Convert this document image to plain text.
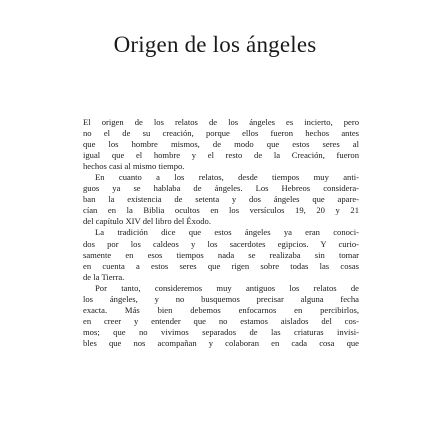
Origen de los ángeles
El origen de los relatos de los ángeles es incierto, pero
no el de su creación, porque ellos fueron hechos antes
que los hombre mismos, de modo que estos seres al
igual que el hombre y el resto de la Creación, fueron
hechos casi al mismo tiempo.
En cuanto a los relatos, desde tiempos muy anti-
guos ya se hablaba de ángeles. Los Hebreos considera-
ban la existencia de setenta y dos ángeles que apare-
cían en la Biblia ocultos en los versículos 19, 20 y 21
del capítulo XIV del libro del Éxodo.
La tradición dice que estos ángeles ya eran conoci-
dos por los caldeos y los sacerdotes egipcios. Y curio-
samente en esos tiempos nada se realizaba sin tomar
en cuenta a estos seres que rigen sobre todas las cosas
de la Tierra.
Por tanto, consideremos muy antiguos los relatos de
los ángeles, y no busquemos precisar alguna fecha
exacta. Más bien debemos enfocarnos en percibirlos,
en creer y entender que no estamos aislados del cos-
mos; que no vivimos separados de las criaturas invisi-
bles que nos acompañan y colaboran en cada cosa que
